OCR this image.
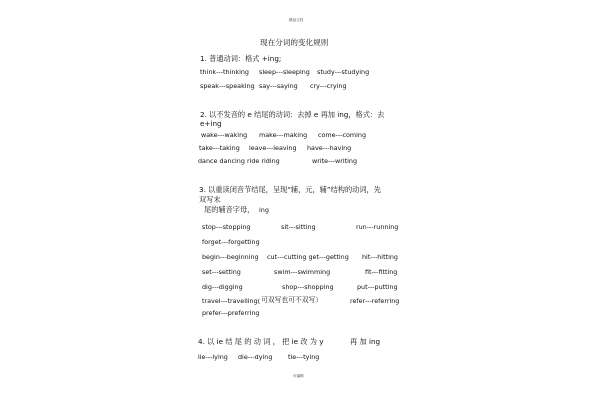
精品文档
现在分词的变化规则
1. 普通动词：格式 +ing;
think---thinking sleep---sleeping study---studying
speak---speaking say---saying cry---crying
2. 以不发音的 e 结尾的动词：去掉 e 再加 ing，格式：去
e+ing
wake---waking make---making come---coming
take---taking leave---leaving have---having
dance dancing ride riding	write---writing
3. 以重读闭音节结尾，呈现“辅，元，辅”结构的动词，先
双写末
尾的辅音字母， ing
stop---stopping	sit---sitting	run---running
forget---forgetting
begin---beginning cut---cutting get---getting hit---hitting
set---setting	swim---swimming	fit---fitting
dig---digging	shop---shopping	put---putting
travel---travelling( 可双写也可不双写）	refer---referring
prefer---preferring
4. 以 ie 结 尾 的 动 词 ， 把 ie 改 为 y	再 加 ing
lie---lying die---dying tie---tying
可编辑
